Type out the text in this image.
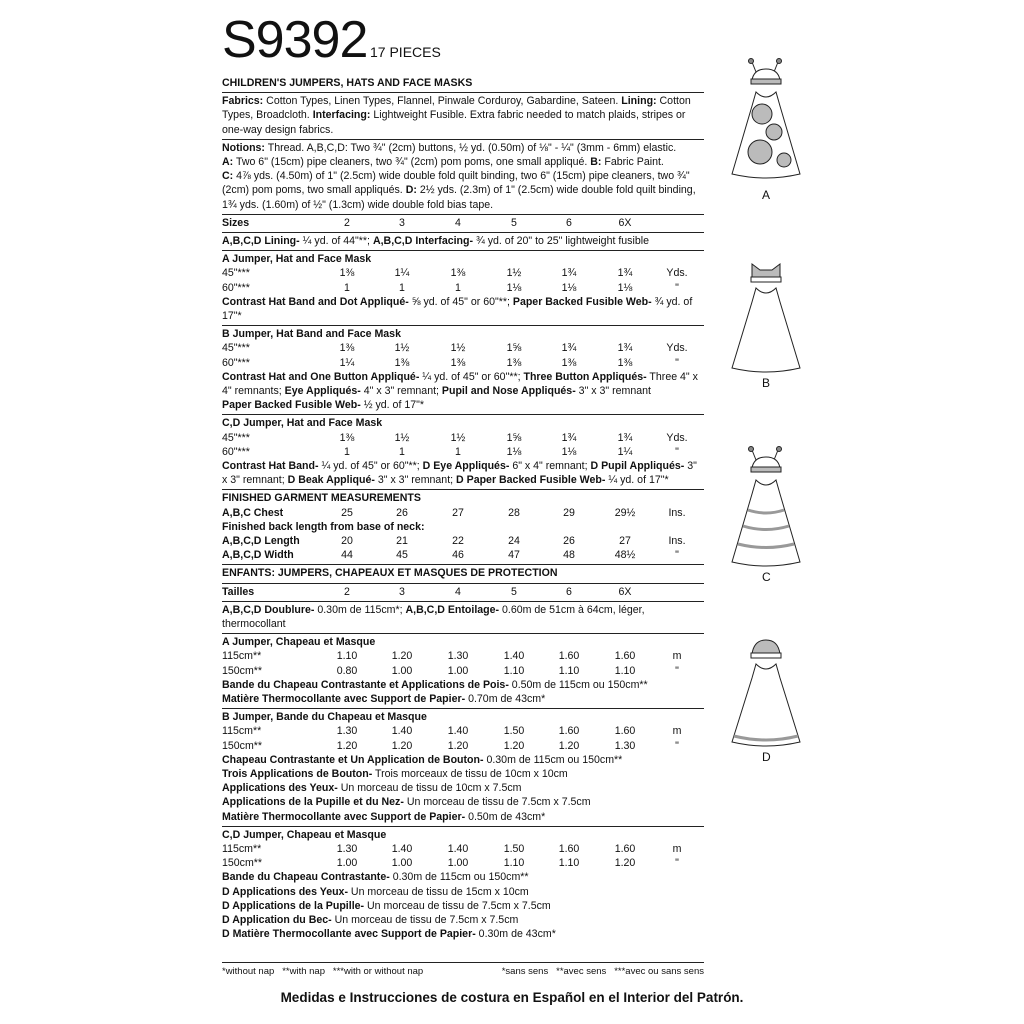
S9392 17 PIECES

CHILDREN'S JUMPERS, HATS AND FACE MASKS

Fabrics: Cotton Types, Linen Types, Flannel, Pinwale Corduroy, Gabardine, Sateen. Lining: Cotton Types, Broadcloth. Interfacing: Lightweight Fusible. Extra fabric needed to match plaids, stripes or one-way design fabrics.

Notions: Thread. A,B,C,D: Two ¾" (2cm) buttons, ½ yd. (0.50m) of ⅛" - ¼" (3mm - 6mm) elastic.
A: Two 6" (15cm) pipe cleaners, two ¾" (2cm) pom poms, one small appliqué. B: Fabric Paint.
C: 4⅞ yds. (4.50m) of 1" (2.5cm) wide double fold quilt binding, two 6" (15cm) pipe cleaners, two ¾" (2cm) pom poms, two small appliqués. D: 2½ yds. (2.3m) of 1" (2.5cm) wide double fold quilt binding, 1¾ yds. (1.60m) of ½" (1.3cm) wide double fold bias tape.

Sizes	2	3	4	5	6	6X

A,B,C,D Lining- ¼ yd. of 44"**; A,B,C,D Interfacing- ¾ yd. of 20" to 25" lightweight fusible

A Jumper, Hat and Face Mask

45"***	1⅜	1¼	1⅜	1½	1¾	1¾	Yds.
60"***	1	1	1	1⅛	1⅛	1⅛	"

Contrast Hat Band and Dot Appliqué- ⅝ yd. of 45" or 60"**; Paper Backed Fusible Web- ¾ yd. of 17"*

B Jumper, Hat Band and Face Mask

45"***	1⅜	1½	1½	1⅝	1¾	1¾	Yds.
60"***	1¼	1⅜	1⅜	1⅜	1⅜	1⅜	"

Contrast Hat and One Button Appliqué- ¼ yd. of 45" or 60"**; Three Button Appliqués- Three 4" x 4" remnants; Eye Appliqués- 4" x 3" remnant; Pupil and Nose Appliqués- 3" x 3" remnant

Paper Backed Fusible Web- ½ yd. of 17"*

C,D Jumper, Hat and Face Mask

45"***	1⅜	1½	1½	1⅝	1¾	1¾	Yds.
60"***	1	1	1	1⅛	1⅛	1¼	"

Contrast Hat Band- ¼ yd. of 45" or 60"**; D Eye Appliqués- 6" x 4" remnant; D Pupil Appliqués- 3" x 3" remnant; D Beak Appliqué- 3" x 3" remnant; D Paper Backed Fusible Web- ¼ yd. of 17"*

FINISHED GARMENT MEASUREMENTS

A,B,C Chest	25	26	27	28	29	29½	Ins.

Finished back length from base of neck:

A,B,C,D Length	20	21	22	24	26	27	Ins.
A,B,C,D Width	44	45	46	47	48	48½	"

ENFANTS: JUMPERS, CHAPEAUX ET MASQUES DE PROTECTION

Tailles	2	3	4	5	6	6X

A,B,C,D Doublure- 0.30m de 115cm*; A,B,C,D Entoilage- 0.60m de 51cm à 64cm, léger, thermocollant

A Jumper, Chapeau et Masque

115cm**	1.10	1.20	1.30	1.40	1.60	1.60	m
150cm**	0.80	1.00	1.00	1.10	1.10	1.10	"

Bande du Chapeau Contrastante et Applications de Pois- 0.50m de 115cm ou 150cm**

Matière Thermocollante avec Support de Papier- 0.70m de 43cm*

B Jumper, Bande du Chapeau et Masque

115cm**	1.30	1.40	1.40	1.50	1.60	1.60	m
150cm**	1.20	1.20	1.20	1.20	1.20	1.30	"

Chapeau Contrastante et Un Application de Bouton- 0.30m de 115cm ou 150cm**

Trois Applications de Bouton- Trois morceaux de tissu de 10cm x 10cm

Applications des Yeux- Un morceau de tissu de 10cm x 7.5cm

Applications de la Pupille et du Nez- Un morceau de tissu de 7.5cm x 7.5cm

Matière Thermocollante avec Support de Papier- 0.50m de 43cm*

C,D Jumper, Chapeau et Masque

115cm**	1.30	1.40	1.40	1.50	1.60	1.60	m
150cm**	1.00	1.00	1.00	1.10	1.10	1.20	"

Bande du Chapeau Contrastante- 0.30m de 115cm ou 150cm**

D Applications des Yeux- Un morceau de tissu de 15cm x 10cm

D Applications de la Pupille- Un morceau de tissu de 7.5cm x 7.5cm

D Application du Bec- Un morceau de tissu de 7.5cm x 7.5cm

D Matière Thermocollante avec Support de Papier- 0.30m de 43cm*

*without nap   **with nap   ***with or without nap	*sans sens   **avec sens   ***avec ou sans sens
Medidas e Instrucciones de costura en Español en el Interior del Patrón.
A
B
C
D
